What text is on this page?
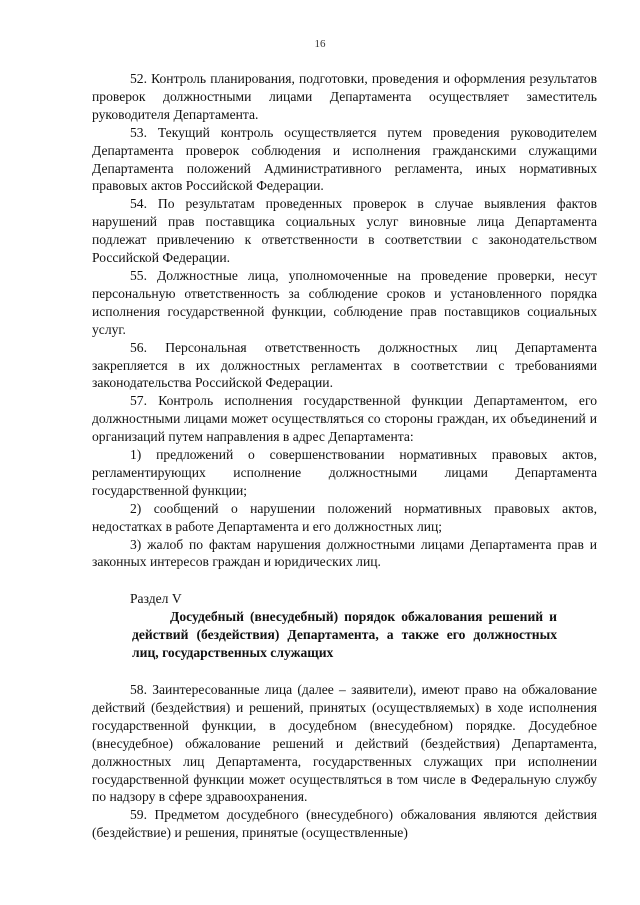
16

52. Контроль планирования, подготовки, проведения и оформления результатов проверок должностными лицами Департамента осуществляет заместитель руководителя Департамента.

53. Текущий контроль осуществляется путем проведения руководителем Департамента проверок соблюдения и исполнения гражданскими служащими Департамента положений Административного регламента, иных нормативных правовых актов Российской Федерации.

54. По результатам проведенных проверок в случае выявления фактов нарушений прав поставщика социальных услуг виновные лица Департамента подлежат привлечению к ответственности в соответствии с законодательством Российской Федерации.

55. Должностные лица, уполномоченные на проведение проверки, несут персональную ответственность за соблюдение сроков и установленного порядка исполнения государственной функции, соблюдение прав поставщиков социальных услуг.

56. Персональная ответственность должностных лиц Департамента закрепляется в их должностных регламентах в соответствии с требованиями законодательства Российской Федерации.

57. Контроль исполнения государственной функции Департаментом, его должностными лицами может осуществляться со стороны граждан, их объединений и организаций путем направления в адрес Департамента:

1) предложений о совершенствовании нормативных правовых актов, регламентирующих исполнение должностными лицами Департамента государственной функции;

2) сообщений о нарушении положений нормативных правовых актов, недостатках в работе Департамента и его должностных лиц;

3) жалоб по фактам нарушения должностными лицами Департамента прав и законных интересов граждан и юридических лиц.

Раздел V

Досудебный (внесудебный) порядок обжалования решений и действий (бездействия) Департамента, а также его должностных лиц, государственных служащих

58. Заинтересованные лица (далее – заявители), имеют право на обжалование действий (бездействия) и решений, принятых (осуществляемых) в ходе исполнения государственной функции, в досудебном (внесудебном) порядке. Досудебное (внесудебное) обжалование решений и действий (бездействия) Департамента, должностных лиц Департамента, государственных служащих при исполнении государственной функции может осуществляться в том числе в Федеральную службу по надзору в сфере здравоохранения.

59. Предметом досудебного (внесудебного) обжалования являются действия (бездействие) и решения, принятые (осуществленные)
